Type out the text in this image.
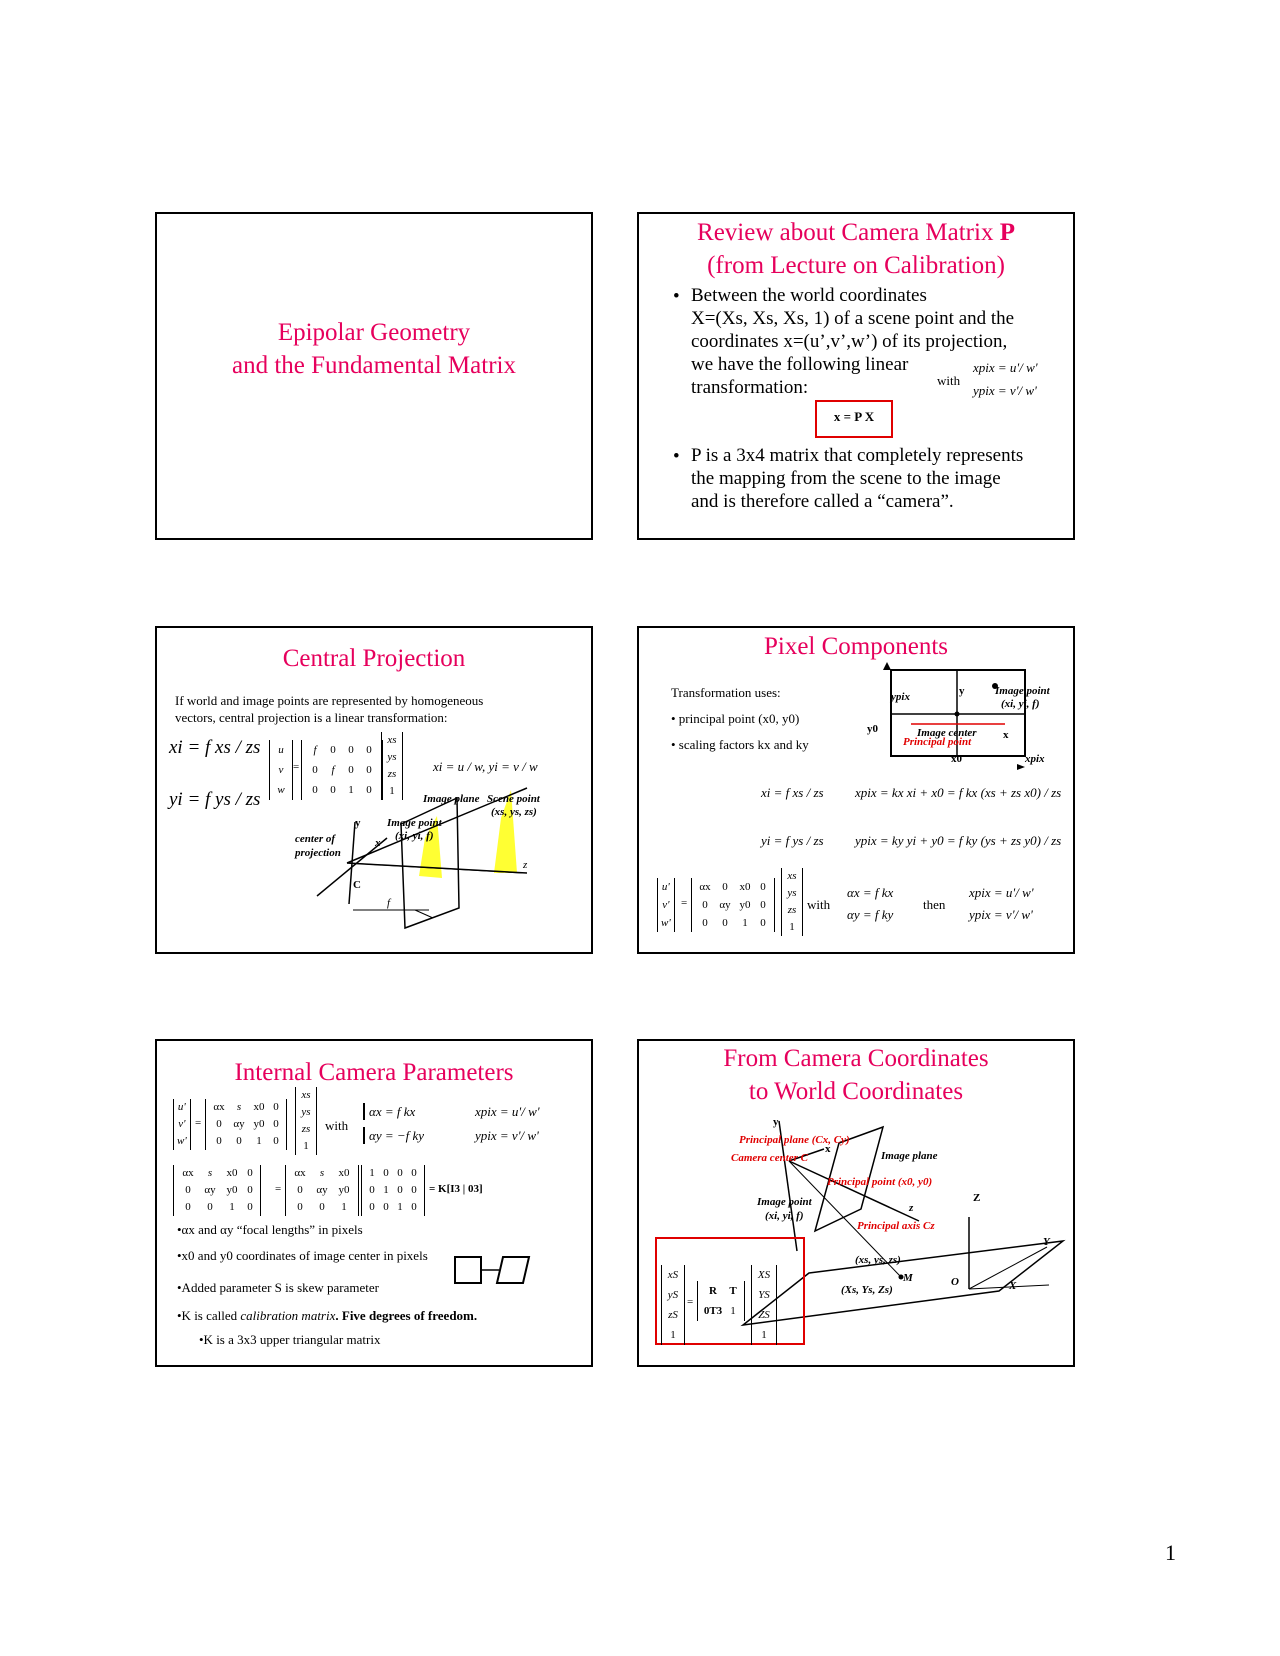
Epipolar Geometry
and the Fundamental Matrix
Review about Camera Matrix P
(from Lecture on Calibration)
• Between the world coordinates
X=(Xs, Xs, Xs, 1) of a scene point and the
coordinates x=(u’,v’,w’) of its projection,
we have the following linear
transformation:	with
xpix = u'/ w'
ypix = v'/ w'
x = P X
• P is a 3x4 matrix that completely represents
the mapping from the scene to the image
and is therefore called a “camera”.
Central Projection
If world and image points are represented by homogeneous
vectors, central projection is a linear transformation:
xi = f xs / zs
yi = f ys / zs
u
v
w
=
f 0 0 0
0 f 0 0
0 0 1 0
xs
ys
zs
1
xi = u / w, yi = v / w
Image plane Scene point
(xs, ys, zs)
Image point
(xi, yi, f)
y
x
center of
projection
C
f
z
Pixel Components
Transformation uses:
• principal point (x0, y0)
• scaling factors kx and ky
ypix	y	Image point
(xi, yi, f)
y0	Image center
Principal point
x
x0	xpix
xi = f xs / zs
yi = f ys / zs
xpix = kx xi + x0 = f kx (xs + zs x0) / zs
ypix = ky yi + y0 = f ky (ys + zs y0) / zs
u'
v'
w'
=
αx 0 x0 0
0 αy y0 0
0 0 1 0
xs
ys
zs
1
with
αx = f kx
αy = f ky
then
xpix = u'/ w'
ypix = v'/ w'
Internal Camera Parameters
u'
v'
w'
=
αx s x0 0
0 αy y0 0
0 0 1 0
xs
ys
zs
1
with
αx = f kx
αy = −f ky
xpix = u'/ w'
ypix = v'/ w'
αx s x0 0
0 αy y0 0
0 0 1 0
=
αx s x0
0 αy y0
0 0 1
1 0 0 0
0 1 0 0
0 0 1 0
= K[I3 | 03]
•αx and αy “focal lengths” in pixels
•x0 and y0 coordinates of image center in pixels
•Added parameter S is skew parameter
•K is called calibration matrix. Five degrees of freedom.
•K is a 3x3 upper triangular matrix
From Camera Coordinates
to World Coordinates
y
Principal plane (Cx, Cy)
Camera center C
x
Image plane
Principal point (x0, y0)
Image point
(xi, yi, f)
z
Principal axis Cz
Z
(xs, ys, zs)
M
(Xs, Ys, Zs)
O	X
Y
xS
yS
zS
1
=
R T
0T3 1
XS
YS
ZS
1
1
